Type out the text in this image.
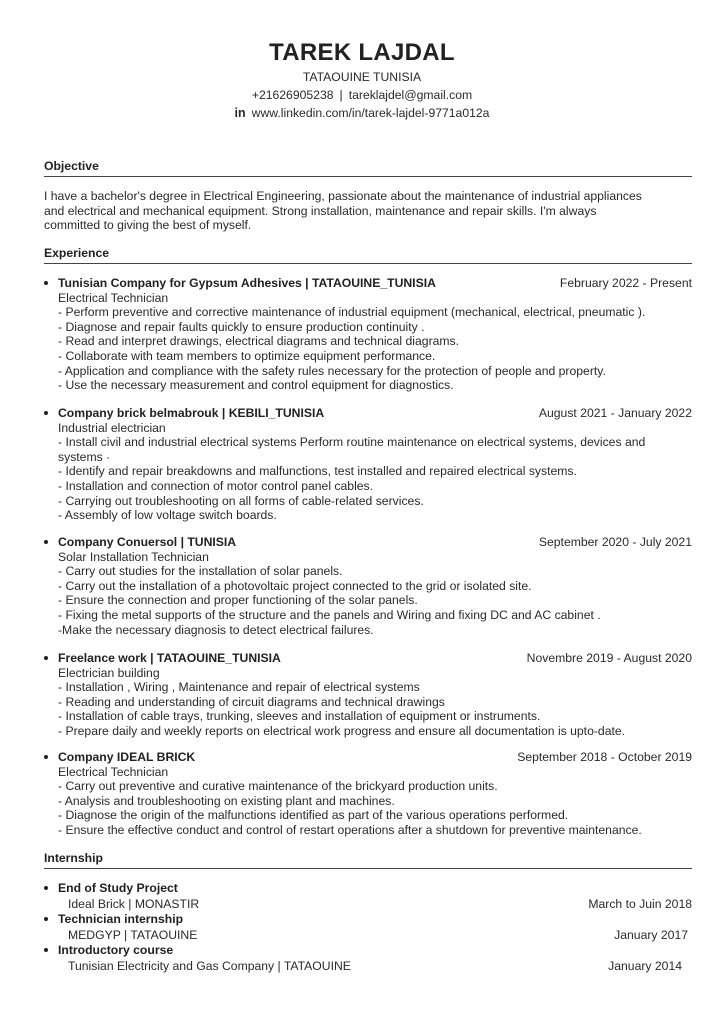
TAREK LAJDAL
TATAOUINE TUNISIA
+21626905238 | tareklajdel@gmail.com
in www.linkedin.com/in/tarek-lajdel-9771a012a
Objective
I have a bachelor's degree in Electrical Engineering, passionate about the maintenance of industrial appliances
and electrical and mechanical equipment. Strong installation, maintenance and repair skills. I'm always
committed to giving the best of myself.
Experience
Tunisian Company for Gypsum Adhesives | TATAOUINE_TUNISIA	February 2022 - Present
Electrical Technician
- Perform preventive and corrective maintenance of industrial equipment (mechanical, electrical, pneumatic ).
- Diagnose and repair faults quickly to ensure production continuity .
- Read and interpret drawings, electrical diagrams and technical diagrams.
- Collaborate with team members to optimize equipment performance.
- Application and compliance with the safety rules necessary for the protection of people and property.
- Use the necessary measurement and control equipment for diagnostics.
Company brick belmabrouk | KEBILI_TUNISIA	August 2021 - January 2022
Industrial electrician
- Install civil and industrial electrical systems Perform routine maintenance on electrical systems, devices and
systems ·
- Identify and repair breakdowns and malfunctions, test installed and repaired electrical systems.
- Installation and connection of motor control panel cables.
- Carrying out troubleshooting on all forms of cable-related services.
- Assembly of low voltage switch boards.
Company Conuersol | TUNISIA	September 2020 - July 2021
Solar Installation Technician
- Carry out studies for the installation of solar panels.
- Carry out the installation of a photovoltaic project connected to the grid or isolated site.
- Ensure the connection and proper functioning of the solar panels.
- Fixing the metal supports of the structure and the panels and Wiring and fixing DC and AC cabinet .
-Make the necessary diagnosis to detect electrical failures.
Freelance work | TATAOUINE_TUNISIA	Novembre 2019 - August 2020
Electrician building
- Installation , Wiring , Maintenance and repair of electrical systems
- Reading and understanding of circuit diagrams and technical drawings
- Installation of cable trays, trunking, sleeves and installation of equipment or instruments.
- Prepare daily and weekly reports on electrical work progress and ensure all documentation is upto-date.
Company IDEAL BRICK	September 2018 - October 2019
Electrical Technician
- Carry out preventive and curative maintenance of the brickyard production units.
- Analysis and troubleshooting on existing plant and machines.
- Diagnose the origin of the malfunctions identified as part of the various operations performed.
- Ensure the effective conduct and control of restart operations after a shutdown for preventive maintenance.
Internship
End of Study Project
Ideal Brick | MONASTIR	March to Juin 2018
Technician internship
MEDGYP | TATAOUINE	January 2017
Introductory course
Tunisian Electricity and Gas Company | TATAOUINE	January 2014
